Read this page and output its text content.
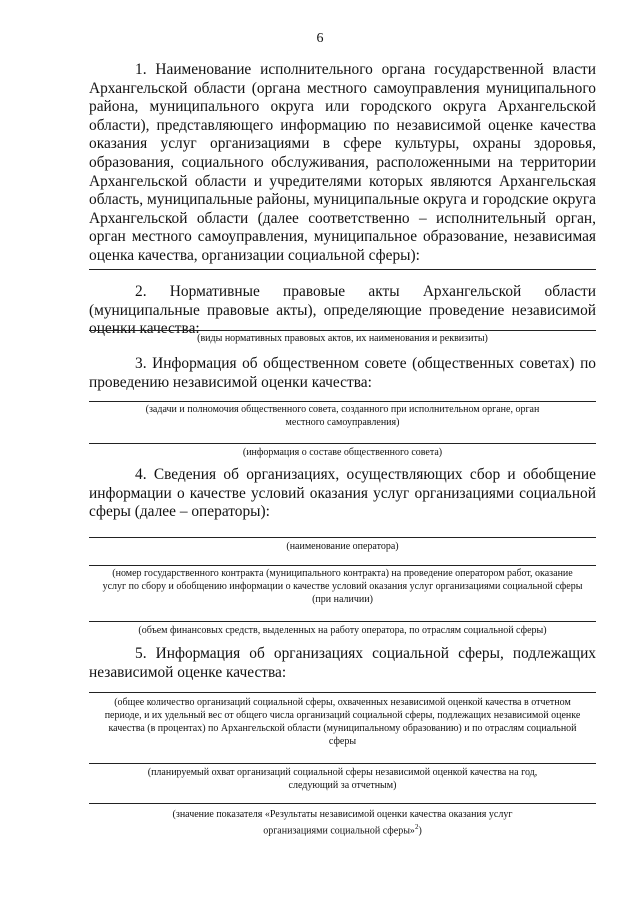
6

1. Наименование исполнительного органа государственной власти Архангельской области (органа местного самоуправления муниципального района, муниципального округа или городского округа Архангельской области), представляющего информацию по независимой оценке качества оказания услуг организациями в сфере культуры, охраны здоровья, образования, социального обслуживания, расположенными на территории Архангельской области и учредителями которых являются Архангельская область, муниципальные районы, муниципальные округа и городские округа Архангельской области (далее соответственно – исполнительный орган, орган местного самоуправления, муниципальное образование, независимая оценка качества, организации социальной сферы):

2. Нормативные правовые акты Архангельской области (муниципальные правовые акты), определяющие проведение независимой оценки качества:

(виды нормативных правовых актов, их наименования и реквизиты)

3. Информация об общественном совете (общественных советах) по проведению независимой оценки качества:

(задачи и полномочия общественного совета, созданного при исполнительном органе, орган местного самоуправления)

(информация о составе общественного совета)

4. Сведения об организациях, осуществляющих сбор и обобщение информации о качестве условий оказания услуг организациями социальной сферы (далее – операторы):

(наименование оператора)

(номер государственного контракта (муниципального контракта) на проведение оператором работ, оказание услуг по сбору и обобщению информации о качестве условий оказания услуг организациями социальной сферы (при наличии)

(объем финансовых средств, выделенных на работу оператора, по отраслям социальной сферы)

5. Информация об организациях социальной сферы, подлежащих независимой оценке качества:

(общее количество организаций социальной сферы, охваченных независимой оценкой качества в отчетном периоде, и их удельный вес от общего числа организаций социальной сферы, подлежащих независимой оценке качества (в процентах) по Архангельской области (муниципальному образованию) и по отраслям социальной сферы

(планируемый охват организаций социальной сферы независимой оценкой качества на год, следующий за отчетным)

(значение показателя «Результаты независимой оценки качества оказания услуг организациями социальной сферы»$^2$)
